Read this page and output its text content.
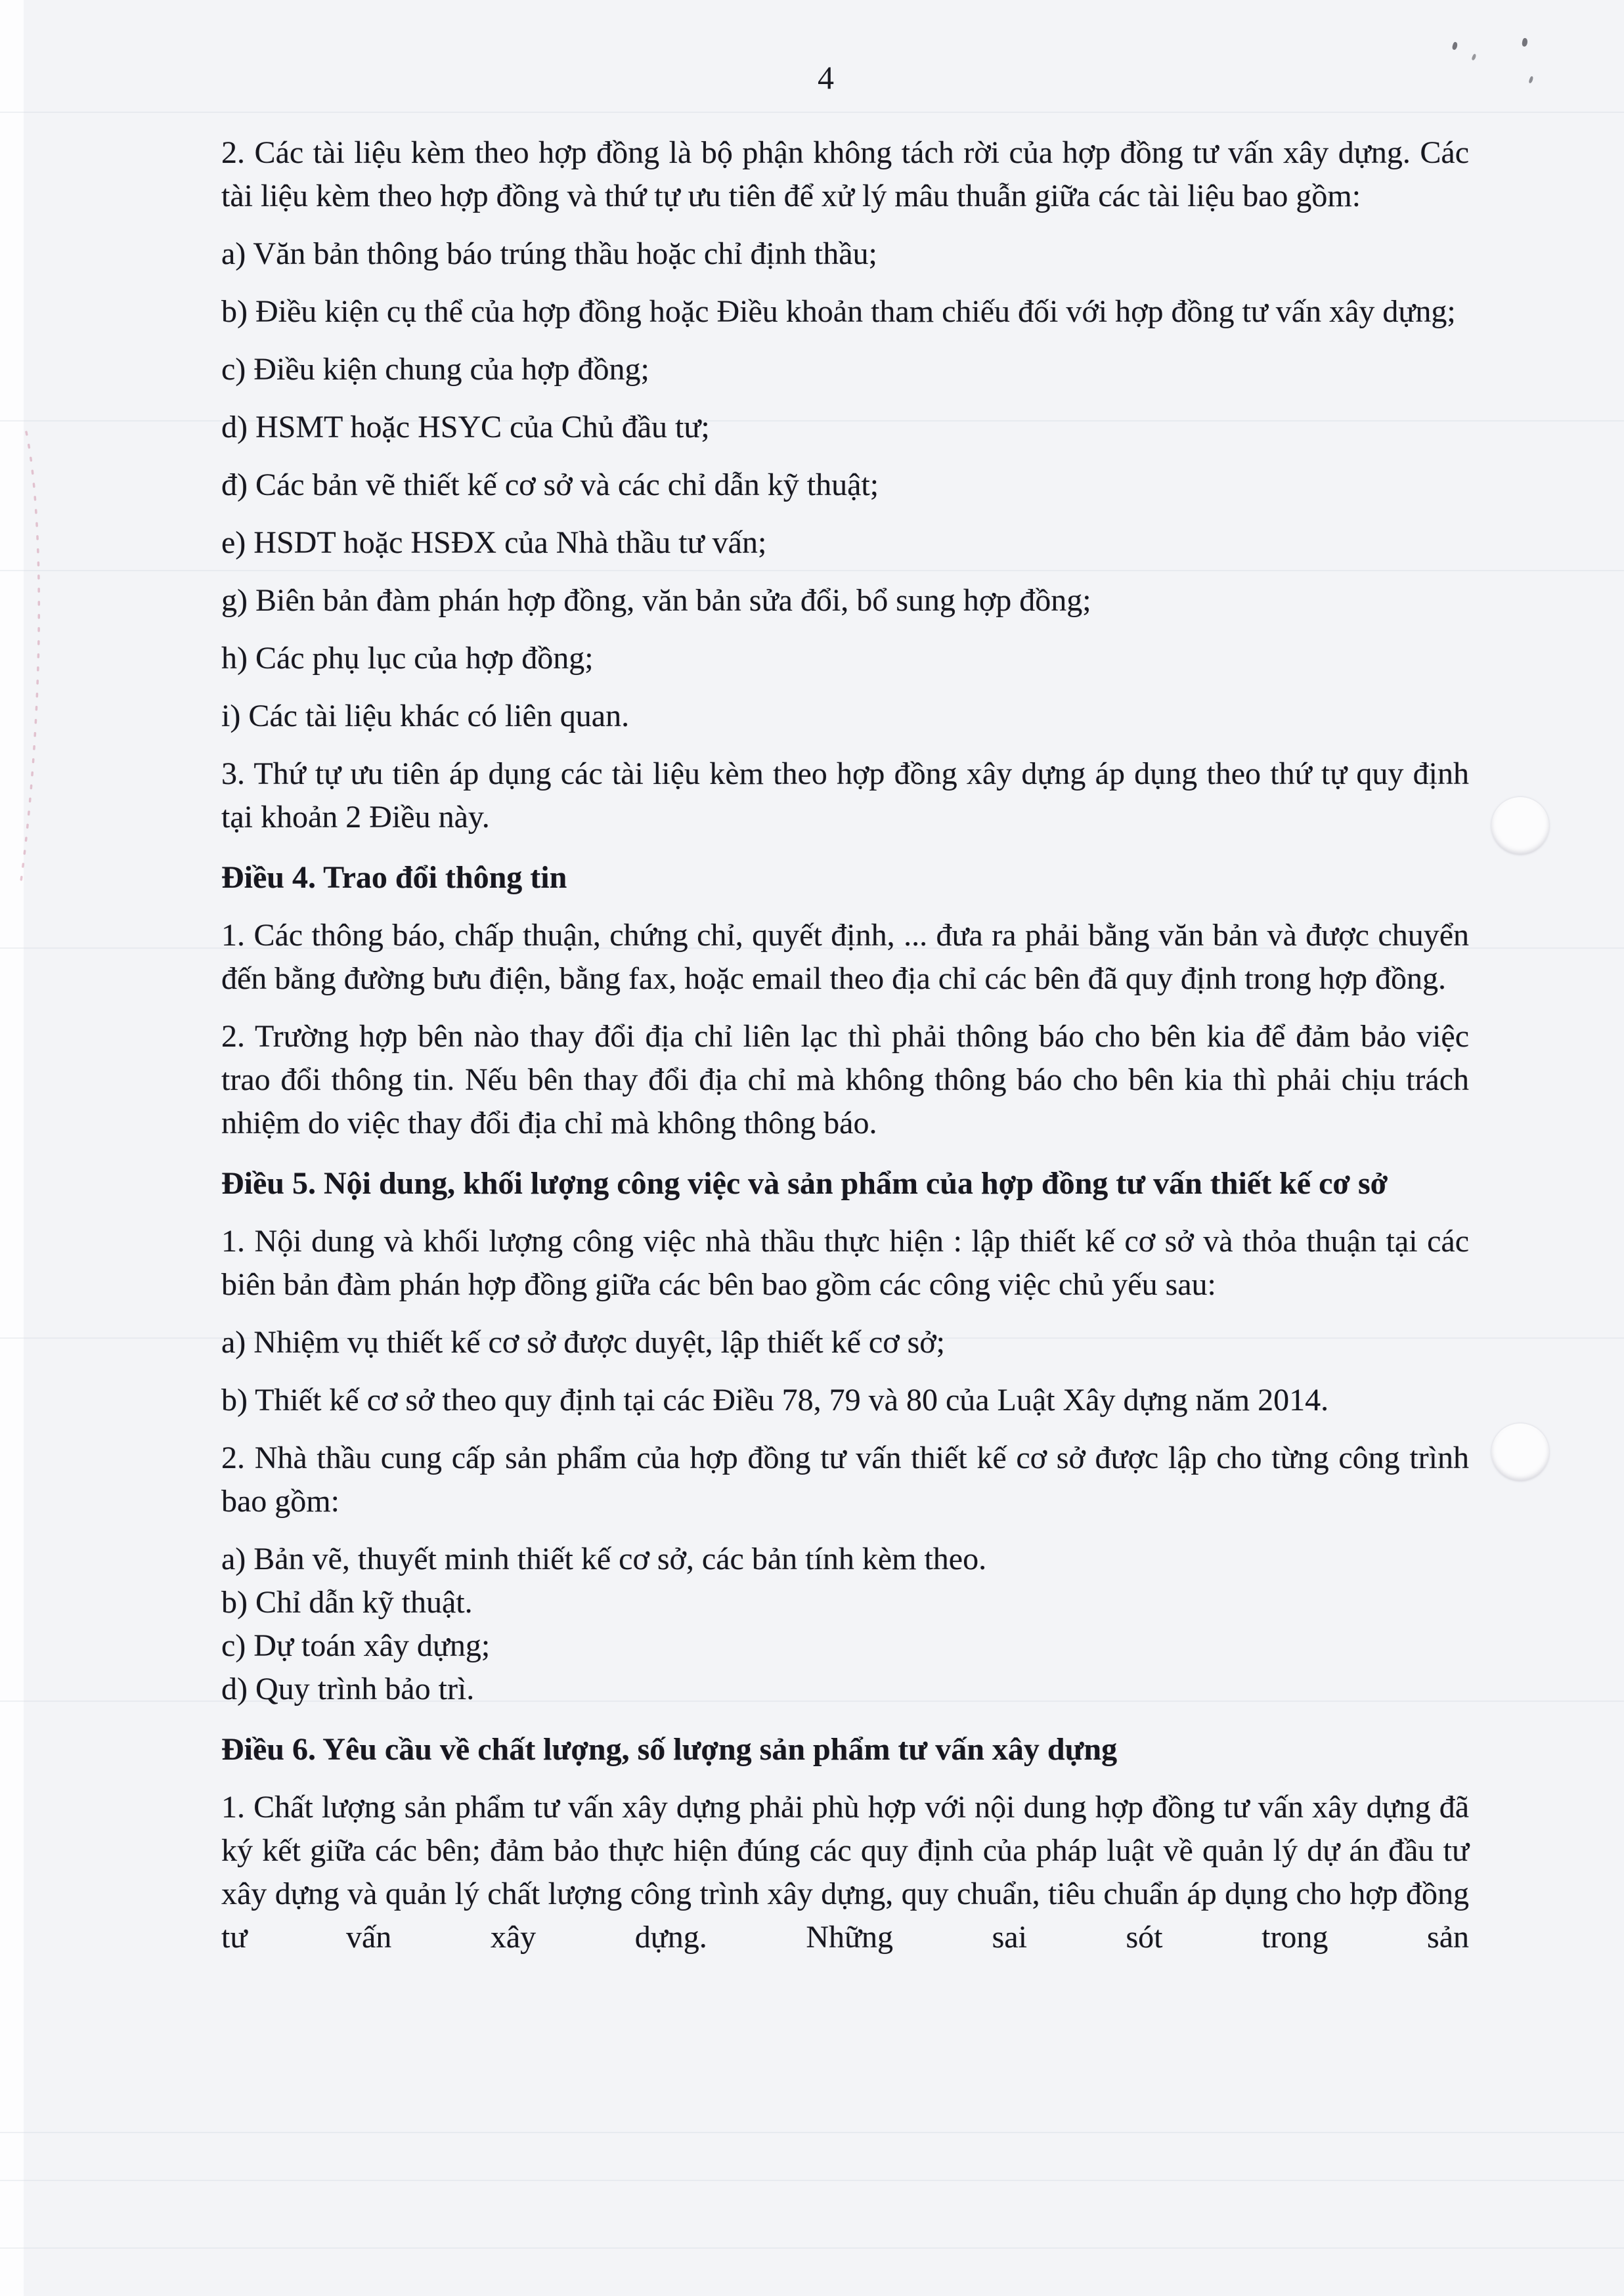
4
2. Các tài liệu kèm theo hợp đồng là bộ phận không tách rời của hợp đồng tư vấn xây dựng. Các tài liệu kèm theo hợp đồng và thứ tự ưu tiên để xử lý mâu thuẫn giữa các tài liệu bao gồm:
a) Văn bản thông báo trúng thầu hoặc chỉ định thầu;
b) Điều kiện cụ thể của hợp đồng hoặc Điều khoản tham chiếu đối với hợp đồng tư vấn xây dựng;
c) Điều kiện chung của hợp đồng;
d) HSMT hoặc HSYC của Chủ đầu tư;
đ) Các bản vẽ thiết kế cơ sở và các chỉ dẫn kỹ thuật;
e) HSDT hoặc HSĐX của Nhà thầu tư vấn;
g) Biên bản đàm phán hợp đồng, văn bản sửa đổi, bổ sung hợp đồng;
h) Các phụ lục của hợp đồng;
i) Các tài liệu khác có liên quan.
3. Thứ tự ưu tiên áp dụng các tài liệu kèm theo hợp đồng xây dựng áp dụng theo thứ tự quy định tại khoản 2 Điều này.
Điều 4. Trao đổi thông tin
1. Các thông báo, chấp thuận, chứng chỉ, quyết định, ... đưa ra phải bằng văn bản và được chuyển đến bằng đường bưu điện, bằng fax, hoặc email theo địa chỉ các bên đã quy định trong hợp đồng.
2. Trường hợp bên nào thay đổi địa chỉ liên lạc thì phải thông báo cho bên kia để đảm bảo việc trao đổi thông tin. Nếu bên thay đổi địa chỉ mà không thông báo cho bên kia thì phải chịu trách nhiệm do việc thay đổi địa chỉ mà không thông báo.
Điều 5. Nội dung, khối lượng công việc và sản phẩm của hợp đồng tư vấn thiết kế cơ sở
1. Nội dung và khối lượng công việc nhà thầu thực hiện : lập thiết kế cơ sở và thỏa thuận tại các biên bản đàm phán hợp đồng giữa các bên bao gồm các công việc chủ yếu sau:
a) Nhiệm vụ thiết kế cơ sở được duyệt, lập thiết kế cơ sở;
b) Thiết kế cơ sở theo quy định tại các Điều 78, 79 và 80 của Luật Xây dựng năm 2014.
2. Nhà thầu cung cấp sản phẩm của hợp đồng tư vấn thiết kế cơ sở được lập cho từng công trình bao gồm:
a) Bản vẽ, thuyết minh thiết kế cơ sở, các bản tính kèm theo.
b) Chỉ dẫn kỹ thuật.
c) Dự toán xây dựng;
d) Quy trình bảo trì.
Điều 6. Yêu cầu về chất lượng, số lượng sản phẩm tư vấn xây dựng
1. Chất lượng sản phẩm tư vấn xây dựng phải phù hợp với nội dung hợp đồng tư vấn xây dựng đã ký kết giữa các bên; đảm bảo thực hiện đúng các quy định của pháp luật về quản lý dự án đầu tư xây dựng và quản lý chất lượng công trình xây dựng, quy chuẩn, tiêu chuẩn áp dụng cho hợp đồng tư vấn xây dựng. Những sai sót trong sản
